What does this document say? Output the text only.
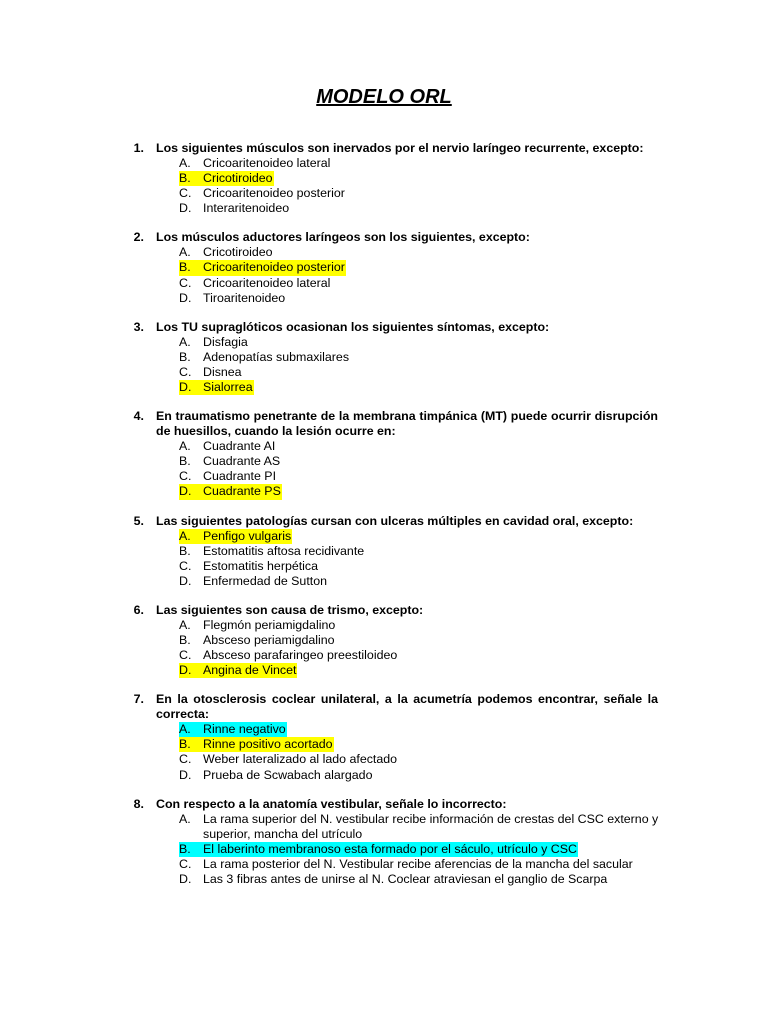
MODELO ORL
1. Los siguientes músculos son inervados por el nervio laríngeo recurrente, excepto:
A. Cricoaritenoideo lateral
B. Cricotiroideo
C. Cricoaritenoideo posterior
D. Interaritenoideo
2. Los músculos aductores laríngeos son los siguientes, excepto:
A. Cricotiroideo
B. Cricoaritenoideo posterior
C. Cricoaritenoideo lateral
D. Tiroaritenoideo
3. Los TU supraglóticos ocasionan los siguientes síntomas, excepto:
A. Disfagia
B. Adenopatías submaxilares
C. Disnea
D. Sialorrea
4. En traumatismo penetrante de la membrana timpánica (MT) puede ocurrir disrupción de huesillos, cuando la lesión ocurre en:
A. Cuadrante AI
B. Cuadrante AS
C. Cuadrante PI
D. Cuadrante PS
5. Las siguientes patologías cursan con ulceras múltiples en cavidad oral, excepto:
A. Penfigo vulgaris
B. Estomatitis aftosa recidivante
C. Estomatitis herpética
D. Enfermedad de Sutton
6. Las siguientes son causa de trismo, excepto:
A. Flegmón periamigdalino
B. Absceso periamigdalino
C. Absceso parafaringeo preestiloideo
D. Angina de Vincet
7. En la otosclerosis coclear unilateral, a la acumetría podemos encontrar, señale la correcta:
A. Rinne negativo
B. Rinne positivo acortado
C. Weber lateralizado al lado afectado
D. Prueba de Scwabach alargado
8. Con respecto a la anatomía vestibular, señale lo incorrecto:
A. La rama superior del N. vestibular recibe información de crestas del CSC externo y superior, mancha del utrículo
B. El laberinto membranoso esta formado por el sáculo, utrículo y CSC
C. La rama posterior del N. Vestibular recibe aferencias de la mancha del sacular
D. Las 3 fibras antes de unirse al N. Coclear atraviesan el ganglio de Scarpa
